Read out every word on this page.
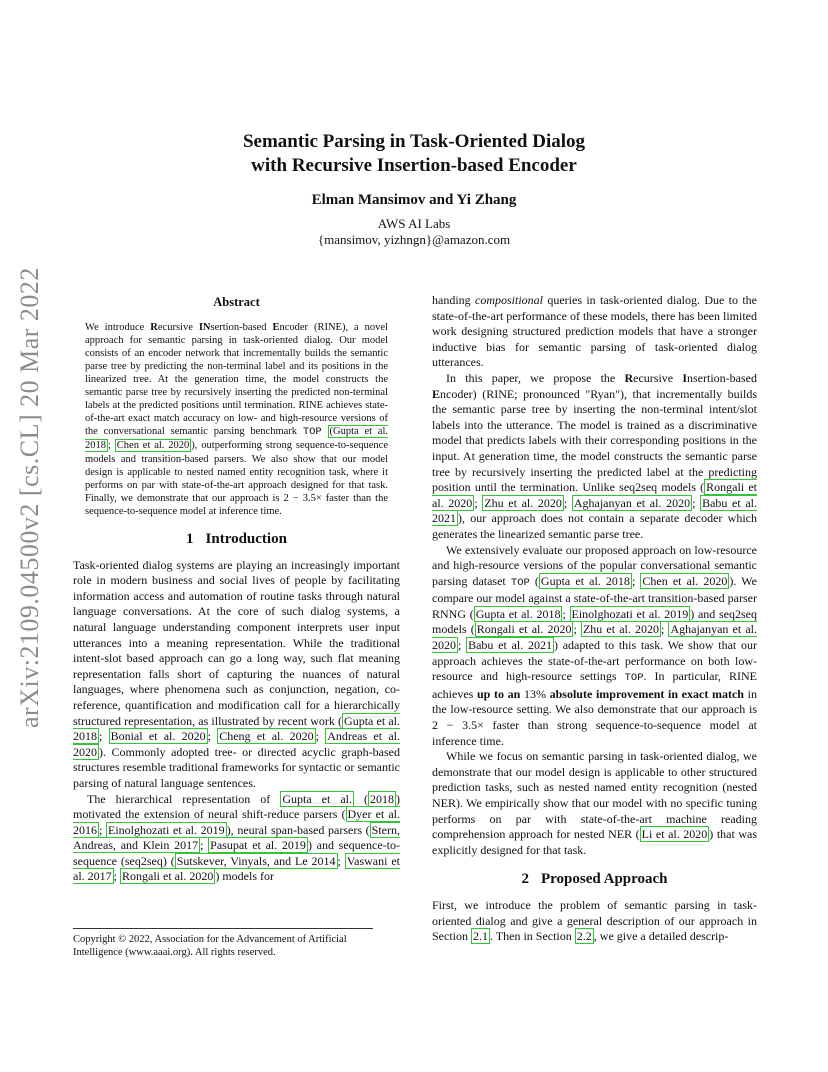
Semantic Parsing in Task-Oriented Dialog
with Recursive Insertion-based Encoder
Elman Mansimov and Yi Zhang
AWS AI Labs
{mansimov, yizhngn}@amazon.com
arXiv:2109.04500v2 [cs.CL] 20 Mar 2022	Abstract
We introduce Recursive INsertion-based Encoder (RINE), a novel approach for semantic parsing in task-oriented dialog. Our model consists of an encoder network that incrementally builds the semantic parse tree by predicting the non-terminal label and its positions in the linearized tree. At the generation time, the model constructs the semantic parse tree by recursively inserting the predicted non-terminal labels at the predicted positions until termination. RINE achieves state-of-the-art exact match accuracy on low- and high-resource versions of the conversational semantic parsing benchmark TOP (Gupta et al. 2018 ; Chen et al. 2020 ), outperforming strong sequence-to-sequence models and transition-based parsers. We also show that our model design is applicable to nested named entity recognition task, where it performs on par with state-of-the-art approach designed for that task. Finally, we demonstrate that our approach is 2 − 3.5× faster than the sequence-to-sequence model at inference time.
1 Introduction

Task-oriented dialog systems are playing an increasingly important role in modern business and social lives of people by facilitating information access and automation of routine tasks through natural language conversations. At the core of such dialog systems, a natural language understanding component interprets user input utterances into a meaning representation. While the traditional intent-slot based approach can go a long way, such flat meaning representation falls short of capturing the nuances of natural languages, where phenomena such as conjunction, negation, co-reference, quantification and modification call for a hierarchically structured representation, as illustrated by recent work ( Gupta et al. 2018 ; Bonial et al. 2020 ; Cheng et al. 2020 ; Andreas et al. 2020 ). Commonly adopted tree- or directed acyclic graph-based structures resemble traditional frameworks for syntactic or semantic parsing of natural language sentences.

The hierarchical representation of Gupta et al. ( 2018 ) motivated the extension of neural shift-reduce parsers ( Dyer et al. 2016 ; Einolghozati et al. 2019 ), neural span-based parsers ( Stern, Andreas, and Klein 2017 ; Pasupat et al. 2019 ) and sequence-to-sequence (seq2seq) ( Sutskever, Vinyals, and Le 2014 ; Vaswani et al. 2017 ; Rongali et al. 2020 ) models for

Copyright © 2022, Association for the Advancement of Artificial Intelligence (www.aaai.org). All rights reserved.

handing compositional queries in task-oriented dialog. Due to the state-of-the-art performance of these models, there has been limited work designing structured prediction models that have a stronger inductive bias for semantic parsing of task-oriented dialog utterances.

In this paper, we propose the Recursive Insertion-based Encoder) (RINE; pronounced "Ryan"), that incrementally builds the semantic parse tree by inserting the non-terminal intent/slot labels into the utterance. The model is trained as a discriminative model that predicts labels with their corresponding positions in the input. At generation time, the model constructs the semantic parse tree by recursively inserting the predicted label at the predicting position until the termination. Unlike seq2seq models ( Rongali et al. 2020 ; Zhu et al. 2020 ; Aghajanyan et al. 2020 ; Babu et al. 2021 ), our approach does not contain a separate decoder which generates the linearized semantic parse tree.

We extensively evaluate our proposed approach on low-resource and high-resource versions of the popular conversational semantic parsing dataset TOP ( Gupta et al. 2018 ; Chen et al. 2020 ). We compare our model against a state-of-the-art transition-based parser RNNG ( Gupta et al. 2018 ; Einolghozati et al. 2019 ) and seq2seq models ( Rongali et al. 2020 ; Zhu et al. 2020 ; Aghajanyan et al. 2020 ; Babu et al. 2021 ) adapted to this task. We show that our approach achieves the state-of-the-art performance on both low-resource and high-resource settings TOP. In particular, RINE achieves up to an 13% absolute improvement in exact match in the low-resource setting. We also demonstrate that our approach is 2 − 3.5× faster than strong sequence-to-sequence model at inference time.

While we focus on semantic parsing in task-oriented dialog, we demonstrate that our model design is applicable to other structured prediction tasks, such as nested named entity recognition (nested NER). We empirically show that our model with no specific tuning performs on par with state-of-the-art machine reading comprehension approach for nested NER ( Li et al. 2020 ) that was explicitly designed for that task.

2 Proposed Approach

First, we introduce the problem of semantic parsing in task-oriented dialog and give a general description of our approach in Section 2.1 . Then in Section 2.2 , we give a detailed descrip-
